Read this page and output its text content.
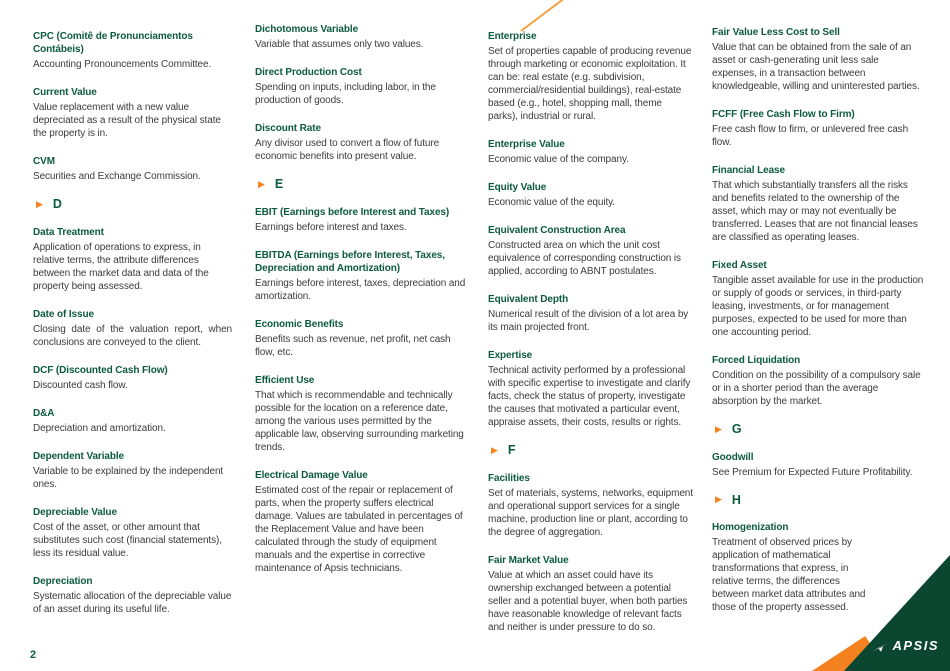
CPC (Comitê de Pronunciamentos Contábeis)
Accounting Pronouncements Committee.
Current Value
Value replacement with a new value depreciated as a result of the physical state the property is in.
CVM
Securities and Exchange Commission.
▶ D
Data Treatment
Application of operations to express, in relative terms, the attribute differences between the market data and data of the property being assessed.
Date of Issue
Closing date of the valuation report, when conclusions are conveyed to the client.
DCF (Discounted Cash Flow)
Discounted cash flow.
D&A
Depreciation and amortization.
Dependent Variable
Variable to be explained by the independent ones.
Depreciable Value
Cost of the asset, or other amount that substitutes such cost (financial statements), less its residual value.
Depreciation
Systematic allocation of the depreciable value of an asset during its useful life.
Dichotomous Variable
Variable that assumes only two values.
Direct Production Cost
Spending on inputs, including labor, in the production of goods.
Discount Rate
Any divisor used to convert a flow of future economic benefits into present value.
▶ E
EBIT (Earnings before Interest and Taxes)
Earnings before interest and taxes.
EBITDA (Earnings before Interest, Taxes, Depreciation and Amortization)
Earnings before interest, taxes, depreciation and amortization.
Economic Benefits
Benefits such as revenue, net profit, net cash flow, etc.
Efficient Use
That which is recommendable and technically possible for the location on a reference date, among the various uses permitted by the applicable law, observing surrounding marketing trends.
Electrical Damage Value
Estimated cost of the repair or replacement of parts, when the property suffers electrical damage. Values are tabulated in percentages of the Replacement Value and have been calculated through the study of equipment manuals and the expertise in corrective maintenance of Apsis technicians.
Enterprise
Set of properties capable of producing revenue through marketing or economic exploitation. It can be: real estate (e.g. subdivision, commercial/residential buildings), real-estate based (e.g., hotel, shopping mall, theme parks), industrial or rural.
Enterprise Value
Economic value of the company.
Equity Value
Economic value of the equity.
Equivalent Construction Area
Constructed area on which the unit cost equivalence of corresponding construction is applied, according to ABNT postulates.
Equivalent Depth
Numerical result of the division of a lot area by its main projected front.
Expertise
Technical activity performed by a professional with specific expertise to investigate and clarify facts, check the status of property, investigate the causes that motivated a particular event, appraise assets, their costs, results or rights.
▶ F
Facilities
Set of materials, systems, networks, equipment and operational support services for a single machine, production line or plant, according to the degree of aggregation.
Fair Market Value
Value at which an asset could have its ownership exchanged between a potential seller and a potential buyer, when both parties have reasonable knowledge of relevant facts and neither is under pressure to do so.
Fair Value Less Cost to Sell
Value that can be obtained from the sale of an asset or cash-generating unit less sale expenses, in a transaction between knowledgeable, willing and uninterested parties.
FCFF (Free Cash Flow to Firm)
Free cash flow to firm, or unlevered free cash flow.
Financial Lease
That which substantially transfers all the risks and benefits related to the ownership of the asset, which may or may not eventually be transferred. Leases that are not financial leases are classified as operating leases.
Fixed Asset
Tangible asset available for use in the production or supply of goods or services, in third-party leasing, investments, or for management purposes, expected to be used for more than one accounting period.
Forced Liquidation
Condition on the possibility of a compulsory sale or in a shorter period than the average absorption by the market.
▶ G
Goodwill
See Premium for Expected Future Profitability.
▶ H
Homogenization
Treatment of observed prices by application of mathematical transformations that express, in relative terms, the differences between market data attributes and those of the property assessed.
2
APSIS
